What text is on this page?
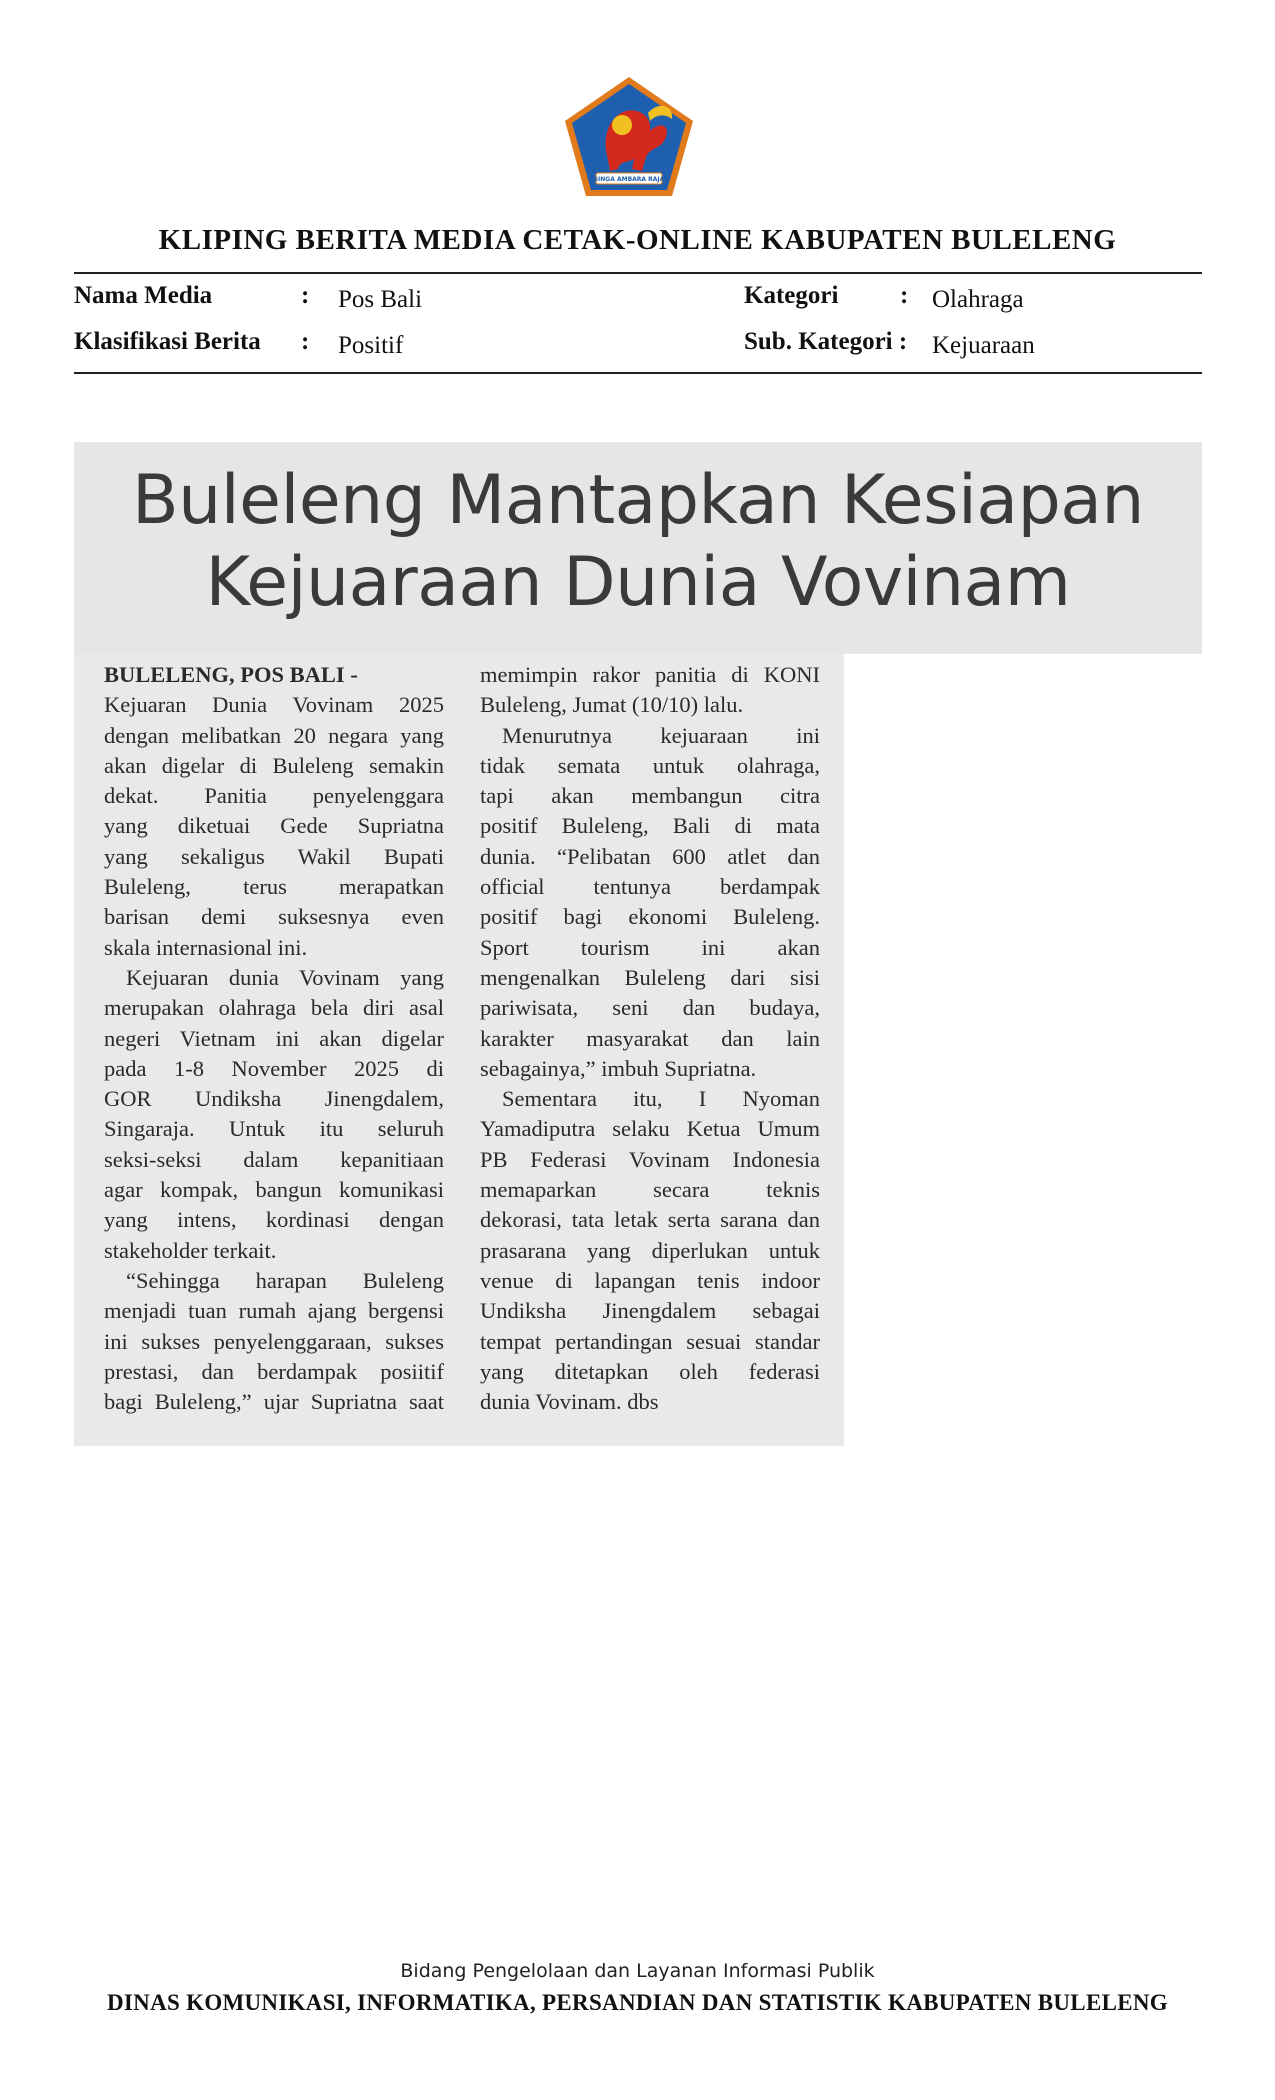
SINGA AMBARA RAJA
KLIPING BERITA MEDIA CETAK-ONLINE KABUPATEN BULELENG
Nama Media	: Pos Bali
Klasifikasi Berita : Positif
Kategori : Olahraga
Sub. Kategori : Kejuaraan
Buleleng Mantapkan Kesiapan
Kejuaraan Dunia Vovinam
BULELENG, POS BALI -
Kejuaran Dunia Vovinam 2025
dengan melibatkan 20 negara yang
akan digelar di Buleleng semakin
dekat. Panitia penyelenggara
yang diketuai Gede Supriatna
yang sekaligus Wakil Bupati
Buleleng, terus merapatkan
barisan demi suksesnya even
skala internasional ini.
Kejuaran dunia Vovinam yang
merupakan olahraga bela diri asal
negeri Vietnam ini akan digelar
pada 1-8 November 2025 di
GOR Undiksha Jinengdalem,
Singaraja. Untuk itu seluruh
seksi-seksi dalam kepanitiaan
agar kompak, bangun komunikasi
yang intens, kordinasi dengan
stakeholder terkait.
“Sehingga harapan Buleleng
menjadi tuan rumah ajang bergensi
ini sukses penyelenggaraan, sukses
prestasi, dan berdampak posiitif
bagi Buleleng,” ujar Supriatna saat
memimpin rakor panitia di KONI
Buleleng, Jumat (10/10) lalu.
Menurutnya kejuaraan ini
tidak semata untuk olahraga,
tapi akan membangun citra
positif Buleleng, Bali di mata
dunia. “Pelibatan 600 atlet dan
official tentunya berdampak
positif bagi ekonomi Buleleng.
Sport tourism ini akan
mengenalkan Buleleng dari sisi
pariwisata, seni dan budaya,
karakter masyarakat dan lain
sebagainya,” imbuh Supriatna.
Sementara itu, I Nyoman
Yamadiputra selaku Ketua Umum
PB Federasi Vovinam Indonesia
memaparkan secara teknis
dekorasi, tata letak serta sarana dan
prasarana yang diperlukan untuk
venue di lapangan tenis indoor
Undiksha Jinengdalem sebagai
tempat pertandingan sesuai standar
yang ditetapkan oleh federasi
dunia Vovinam. dbs
Bidang Pengelolaan dan Layanan Informasi Publik
DINAS KOMUNIKASI, INFORMATIKA, PERSANDIAN DAN STATISTIK KABUPATEN BULELENG
